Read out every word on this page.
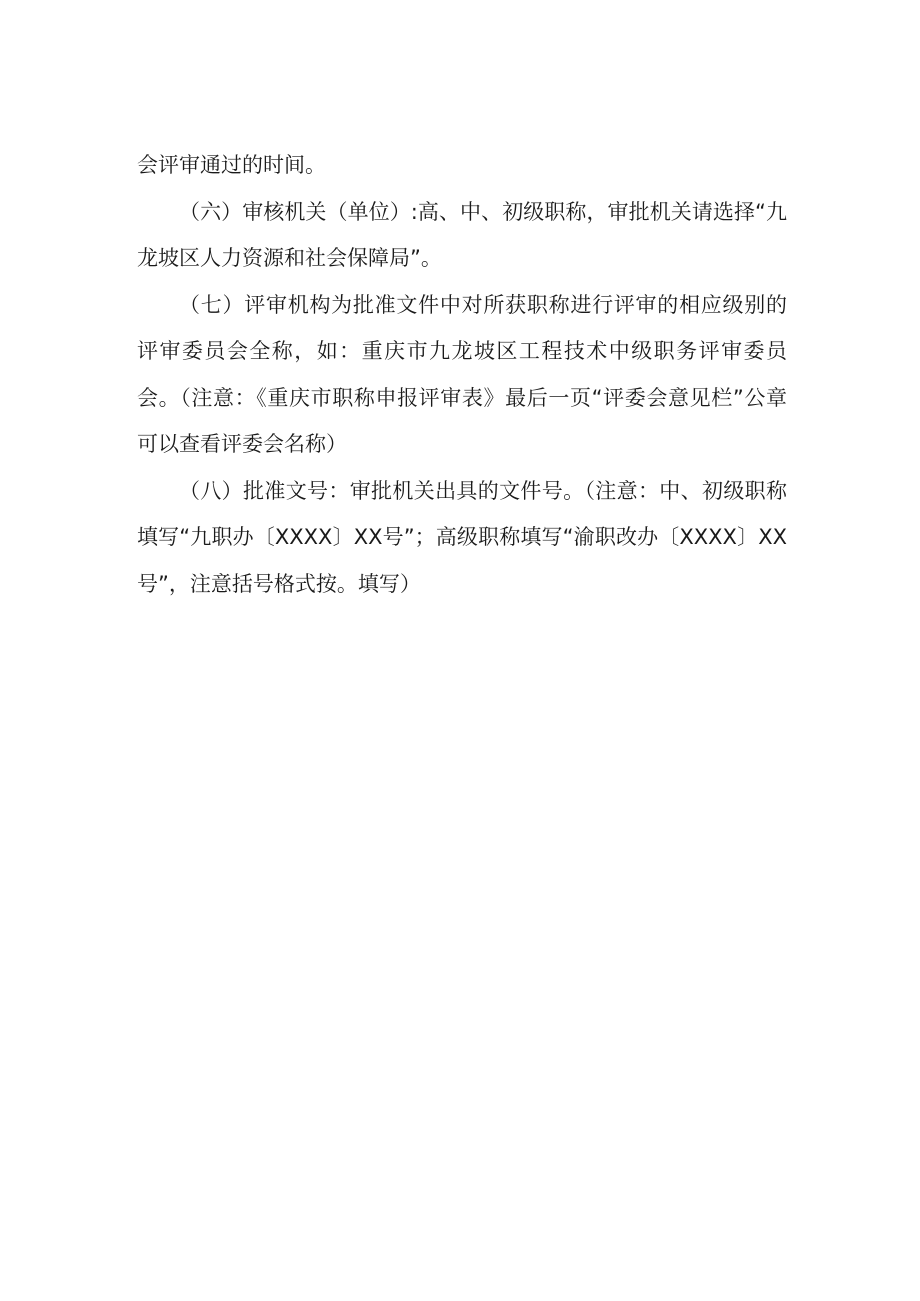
会评审通过的时间。

（六）审核机关（单位）:高、中、初级职称，审批机关请选择“九龙坡区人力资源和社会保障局”。

（七）评审机构为批准文件中对所获职称进行评审的相应级别的评审委员会全称，如：重庆市九龙坡区工程技术中级职务评审委员会。（注意：《重庆市职称申报评审表》最后一页“评委会意见栏”公章可以查看评委会名称）

（八）批准文号：审批机关出具的文件号。（注意：中、初级职称填写“九职办〔XXXX〕XX号”；高级职称填写“渝职改办〔XXXX〕XX号”，注意括号格式按。填写）
